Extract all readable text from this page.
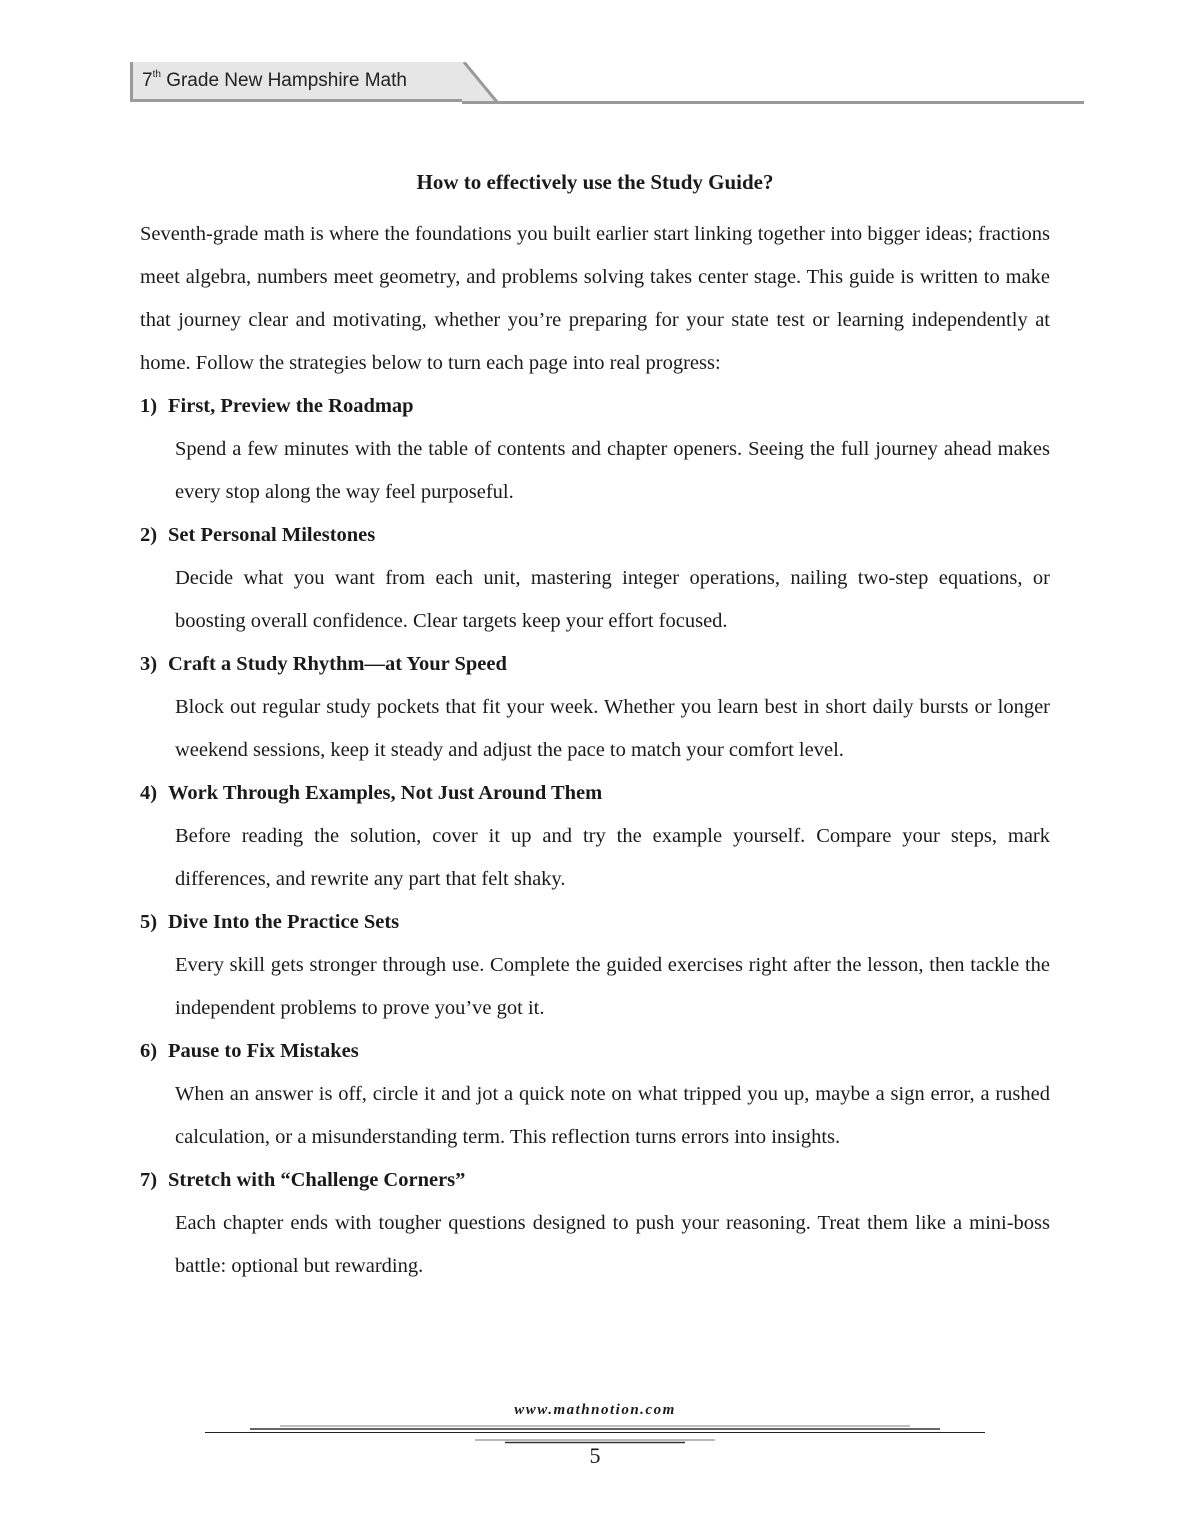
7th Grade New Hampshire Math
How to effectively use the Study Guide?

Seventh-grade math is where the foundations you built earlier start linking together into bigger ideas; fractions meet algebra, numbers meet geometry, and problems solving takes center stage. This guide is written to make that journey clear and motivating, whether you’re preparing for your state test or learning independently at home. Follow the strategies below to turn each page into real progress:

1) First, Preview the Roadmap

Spend a few minutes with the table of contents and chapter openers. Seeing the full journey ahead makes every stop along the way feel purposeful.

2) Set Personal Milestones

Decide what you want from each unit, mastering integer operations, nailing two-step equations, or boosting overall confidence. Clear targets keep your effort focused.

3) Craft a Study Rhythm—at Your Speed

Block out regular study pockets that fit your week. Whether you learn best in short daily bursts or longer weekend sessions, keep it steady and adjust the pace to match your comfort level.

4) Work Through Examples, Not Just Around Them

Before reading the solution, cover it up and try the example yourself. Compare your steps, mark differences, and rewrite any part that felt shaky.

5) Dive Into the Practice Sets

Every skill gets stronger through use. Complete the guided exercises right after the lesson, then tackle the independent problems to prove you’ve got it.

6) Pause to Fix Mistakes

When an answer is off, circle it and jot a quick note on what tripped you up, maybe a sign error, a rushed calculation, or a misunderstanding term. This reflection turns errors into insights.

7) Stretch with “Challenge Corners”

Each chapter ends with tougher questions designed to push your reasoning. Treat them like a mini-boss battle: optional but rewarding.

www.mathnotion.com
5
